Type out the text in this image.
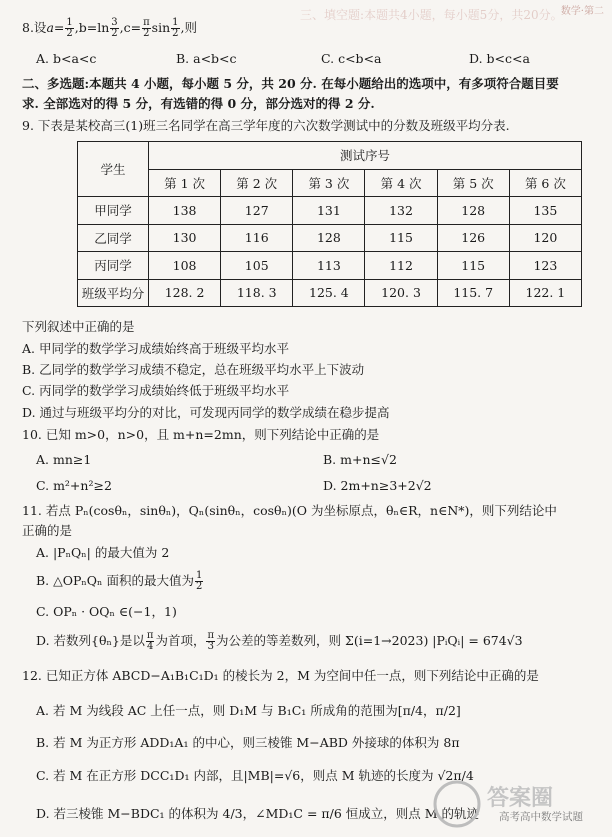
三、填空题:本题共4小题，每小题5分，共20分。
数学·第二
8.设$a= \frac{1}{2} ,b=\ln \frac{3}{2} ,c= \frac{\pi}{2}$ $\sin \frac{1}{2}$ ,则
A. b<a<c	B. a<b<c	C. c<b<a	D. b<c<a
二、多选题:本题共 4 小题，每小题 5 分，共 20 分. 在每小题给出的选项中，有多项符合题目要
求. 全部选对的得 5 分，有选错的得 0 分，部分选对的得 2 分.
9. 下表是某校高三(1)班三名同学在高三学年度的六次数学测试中的分数及班级平均分表.
学生	测试序号					
	第 1 次	第 2 次	第 3 次	第 4 次	第 5 次	第 6 次
甲同学	138	127	131	132	128	135
乙同学	130	116	128	115	126	120
丙同学	108	105	113	112	115	123
班级平均分	128. 2	118. 3	125. 4	120. 3	115. 7	122. 1
下列叙述中正确的是
A. 甲同学的数学学习成绩始终高于班级平均水平
B. 乙同学的数学学习成绩不稳定，总在班级平均水平上下波动
C. 丙同学的数学学习成绩始终低于班级平均水平
D. 通过与班级平均分的对比，可发现丙同学的数学成绩在稳步提高
10. 已知 m>0，n>0，且 m+n=2mn，则下列结论中正确的是
A. mn≥1	B. m+n≤√2
C. m²+n²≥2	D. 2m+n≥3+2√2
11. 若点 Pₙ(cosθₙ，sinθₙ)，Qₙ(sinθₙ，cosθₙ)(O 为坐标原点，θₙ∈R，n∈N*)，则下列结论中
正确的是
A. |PₙQₙ| 的最大值为 2
B. △OPₙQₙ 面积的最大值为 $\frac{1}{2}$
C. OPₙ · OQₙ ∈(−1，1)
D. 若数列{θₙ}是以 $\frac{\pi}{4}$ 为首项， $\frac{\pi}{3}$ 为公差的等差数列，则 Σ(i=1→2023) |PᵢQᵢ| = 674√3
12. 已知正方体 ABCD−A₁B₁C₁D₁ 的棱长为 2，M 为空间中任一点，则下列结论中正确的是
A. 若 M 为线段 AC 上任一点，则 D₁M 与 B₁C₁ 所成角的范围为[π/4，π/2]
B. 若 M 为正方形 ADD₁A₁ 的中心，则三棱锥 M−ABD 外接球的体积为 8π
C. 若 M 在正方形 DCC₁D₁ 内部，且|MB|=√6，则点 M 轨迹的长度为 √2π/4
D. 若三棱锥 M−BDC₁ 的体积为 4/3，∠MD₁C = π/6 恒成立，则点 M 的轨迹
答案圈
高考高中数学试题
